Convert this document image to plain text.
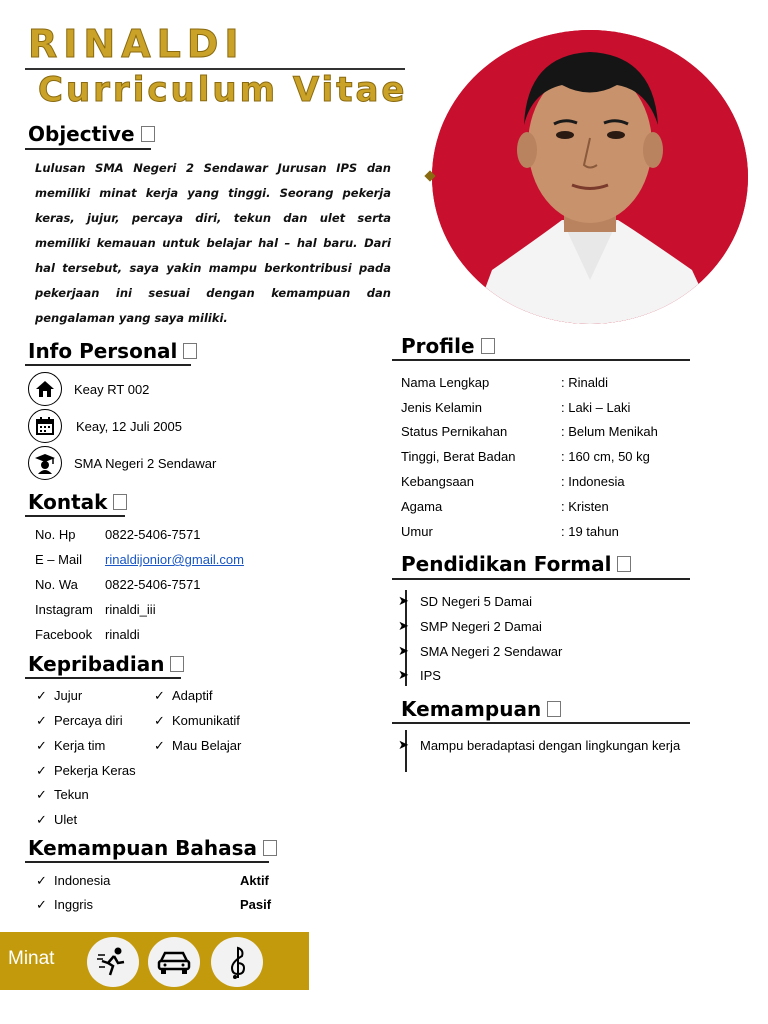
RINALDI
Curriculum Vitae
Objective
Lulusan SMA Negeri 2 Sendawar Jurusan IPS dan memiliki minat kerja yang tinggi. Seorang pekerja keras, jujur, percaya diri, tekun dan ulet serta memiliki kemauan untuk belajar hal – hal baru. Dari hal tersebut, saya yakin mampu berkontribusi pada pekerjaan ini sesuai dengan kemampuan dan pengalaman yang saya miliki.
Info Personal
Keay RT 002
Keay, 12 Juli 2005
SMA Negeri 2 Sendawar
Kontak
No. Hp 0822-5406-7571
E – Mail rinaldijonior@gmail.com
No. Wa 0822-5406-7571
Instagram rinaldi_iii
Facebook rinaldi
Kepribadian
✓ Jujur
✓ Percaya diri
✓ Kerja tim
✓ Pekerja Keras
✓ Tekun
✓ Ulet
✓ Adaptif
✓ Komunikatif
✓ Mau Belajar
Kemampuan Bahasa
✓ Indonesia	Aktif
✓ Inggris	Pasif
Minat
Profile
Nama Lengkap	: Rinaldi
Jenis Kelamin	: Laki – Laki
Status Pernikahan	: Belum Menikah
Tinggi, Berat Badan	: 160 cm, 50 kg
Kebangsaan	: Indonesia
Agama	: Kristen
Umur	: 19 tahun
Pendidikan Formal
➤ SD Negeri 5 Damai
➤ SMP Negeri 2 Damai
➤ SMA Negeri 2 Sendawar
➤ IPS
Kemampuan
➤ Mampu beradaptasi dengan lingkungan kerja
